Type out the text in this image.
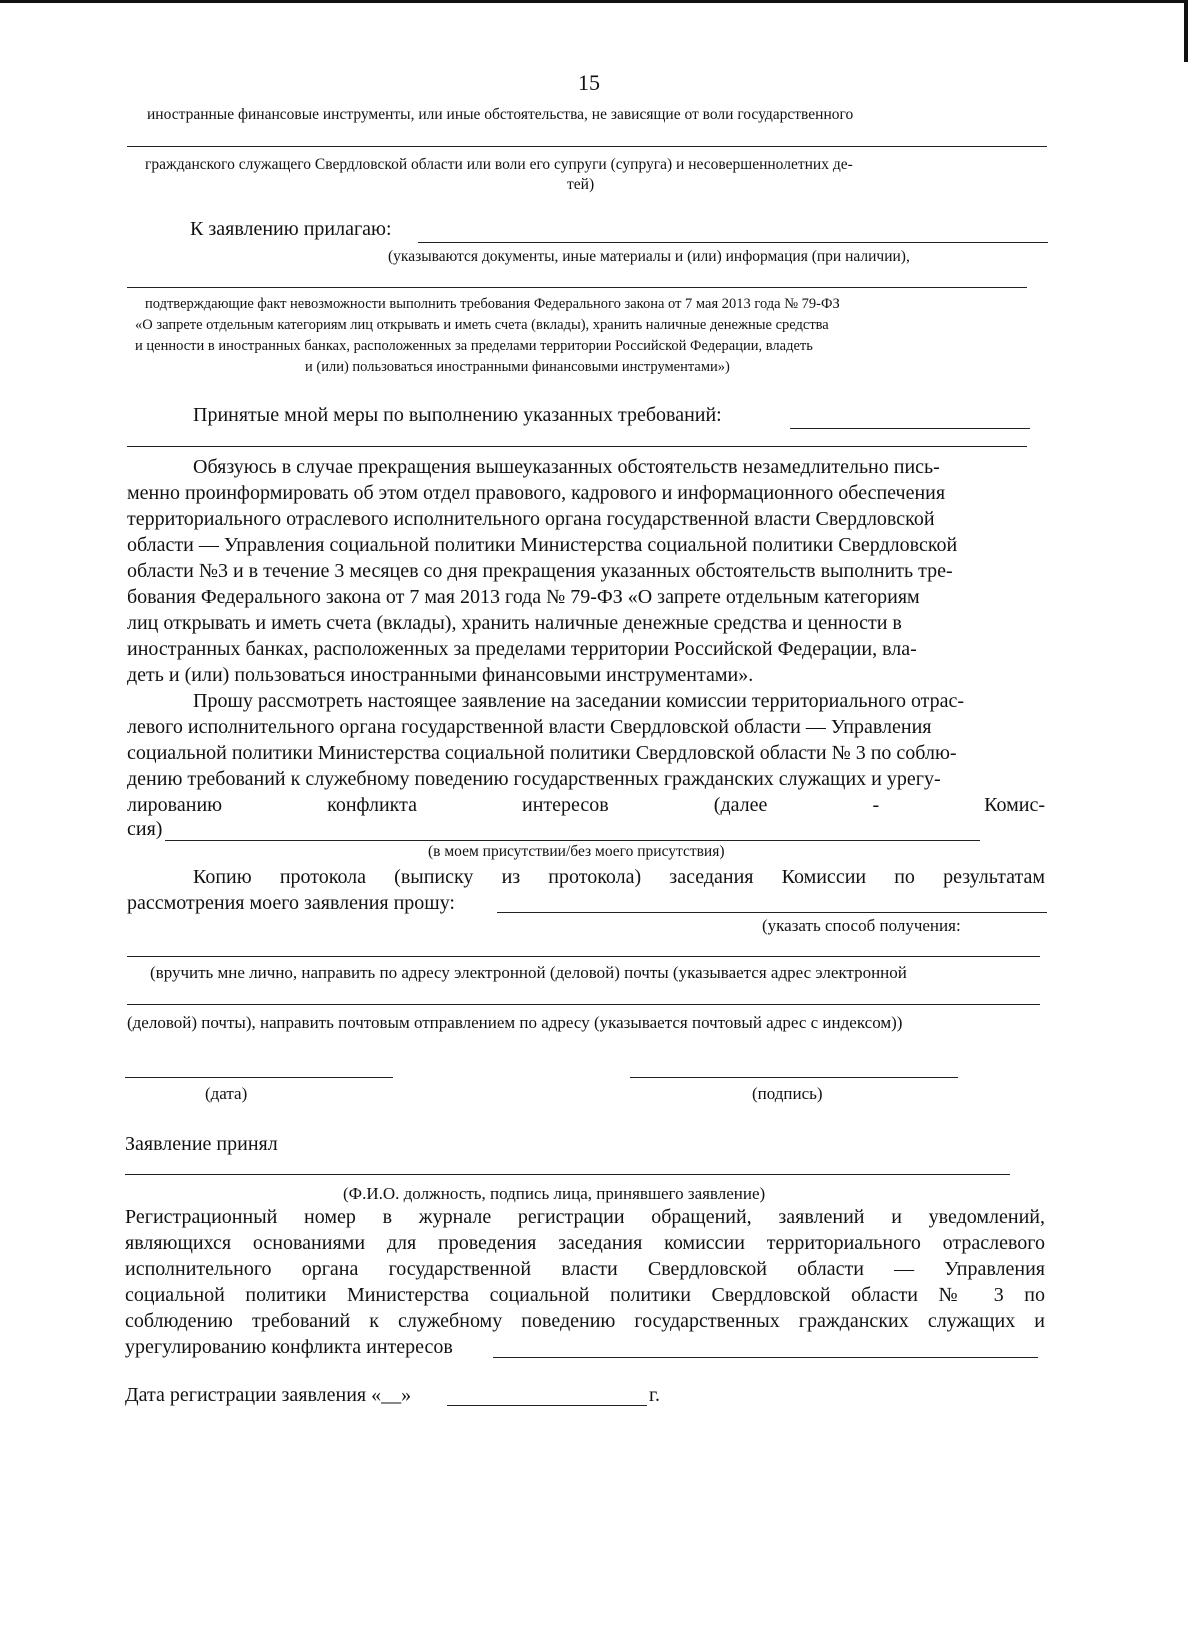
15
иностранные финансовые инструменты, или иные обстоятельства, не зависящие от воли государственного
гражданского служащего Свердловской области или воли его супруги (супруга) и несовершеннолетних де-
тей)
К заявлению прилагаю:
(указываются документы, иные материалы и (или) информация (при наличии),
подтверждающие факт невозможности выполнить требования Федерального закона от 7 мая 2013 года № 79-ФЗ
«О запрете отдельным категориям лиц открывать и иметь счета (вклады), хранить наличные денежные средства
и ценности в иностранных банках, расположенных за пределами территории Российской Федерации, владеть
и (или) пользоваться иностранными финансовыми инструментами»)
Принятые мной меры по выполнению указанных требований:
Обязуюсь в случае прекращения вышеуказанных обстоятельств незамедлительно пись-
менно проинформировать об этом отдел правового, кадрового и информационного обеспечения
территориального отраслевого исполнительного органа государственной власти Свердловской
области — Управления социальной политики Министерства социальной политики Свердловской
области №3 и в течение 3 месяцев со дня прекращения указанных обстоятельств выполнить тре-
бования Федерального закона от 7 мая 2013 года № 79-ФЗ «О запрете отдельным категориям
лиц открывать и иметь счета (вклады), хранить наличные денежные средства и ценности в
иностранных банках, расположенных за пределами территории Российской Федерации, вла-
деть и (или) пользоваться иностранными финансовыми инструментами».
Прошу рассмотреть настоящее заявление на заседании комиссии территориального отрас-
левого исполнительного органа государственной власти Свердловской области — Управления
социальной политики Министерства социальной политики Свердловской области № 3 по соблю-
дению требований к служебному поведению государственных гражданских служащих и урегу-
лированию конфликта интересов (далее - Комис-
сия)
(в моем присутствии/без моего присутствия)
Копию протокола (выписку из протокола) заседания Комиссии по результатам
рассмотрения моего заявления прошу:
(указать способ получения:
(вручить мне лично, направить по адресу электронной (деловой) почты (указывается адрес электронной
(деловой) почты), направить почтовым отправлением по адресу (указывается почтовый адрес с индексом))
(дата)	(подпись)
Заявление принял
(Ф.И.О. должность, подпись лица, принявшего заявление)
Регистрационный номер в журнале регистрации обращений, заявлений и уведомлений,
являющихся основаниями для проведения заседания комиссии территориального отраслевого
исполнительного органа государственной власти Свердловской области — Управления
социальной политики Министерства социальной политики Свердловской области № 3 по
соблюдению требований к служебному поведению государственных гражданских служащих и
урегулированию конфликта интересов
Дата регистрации заявления «__»	г.
